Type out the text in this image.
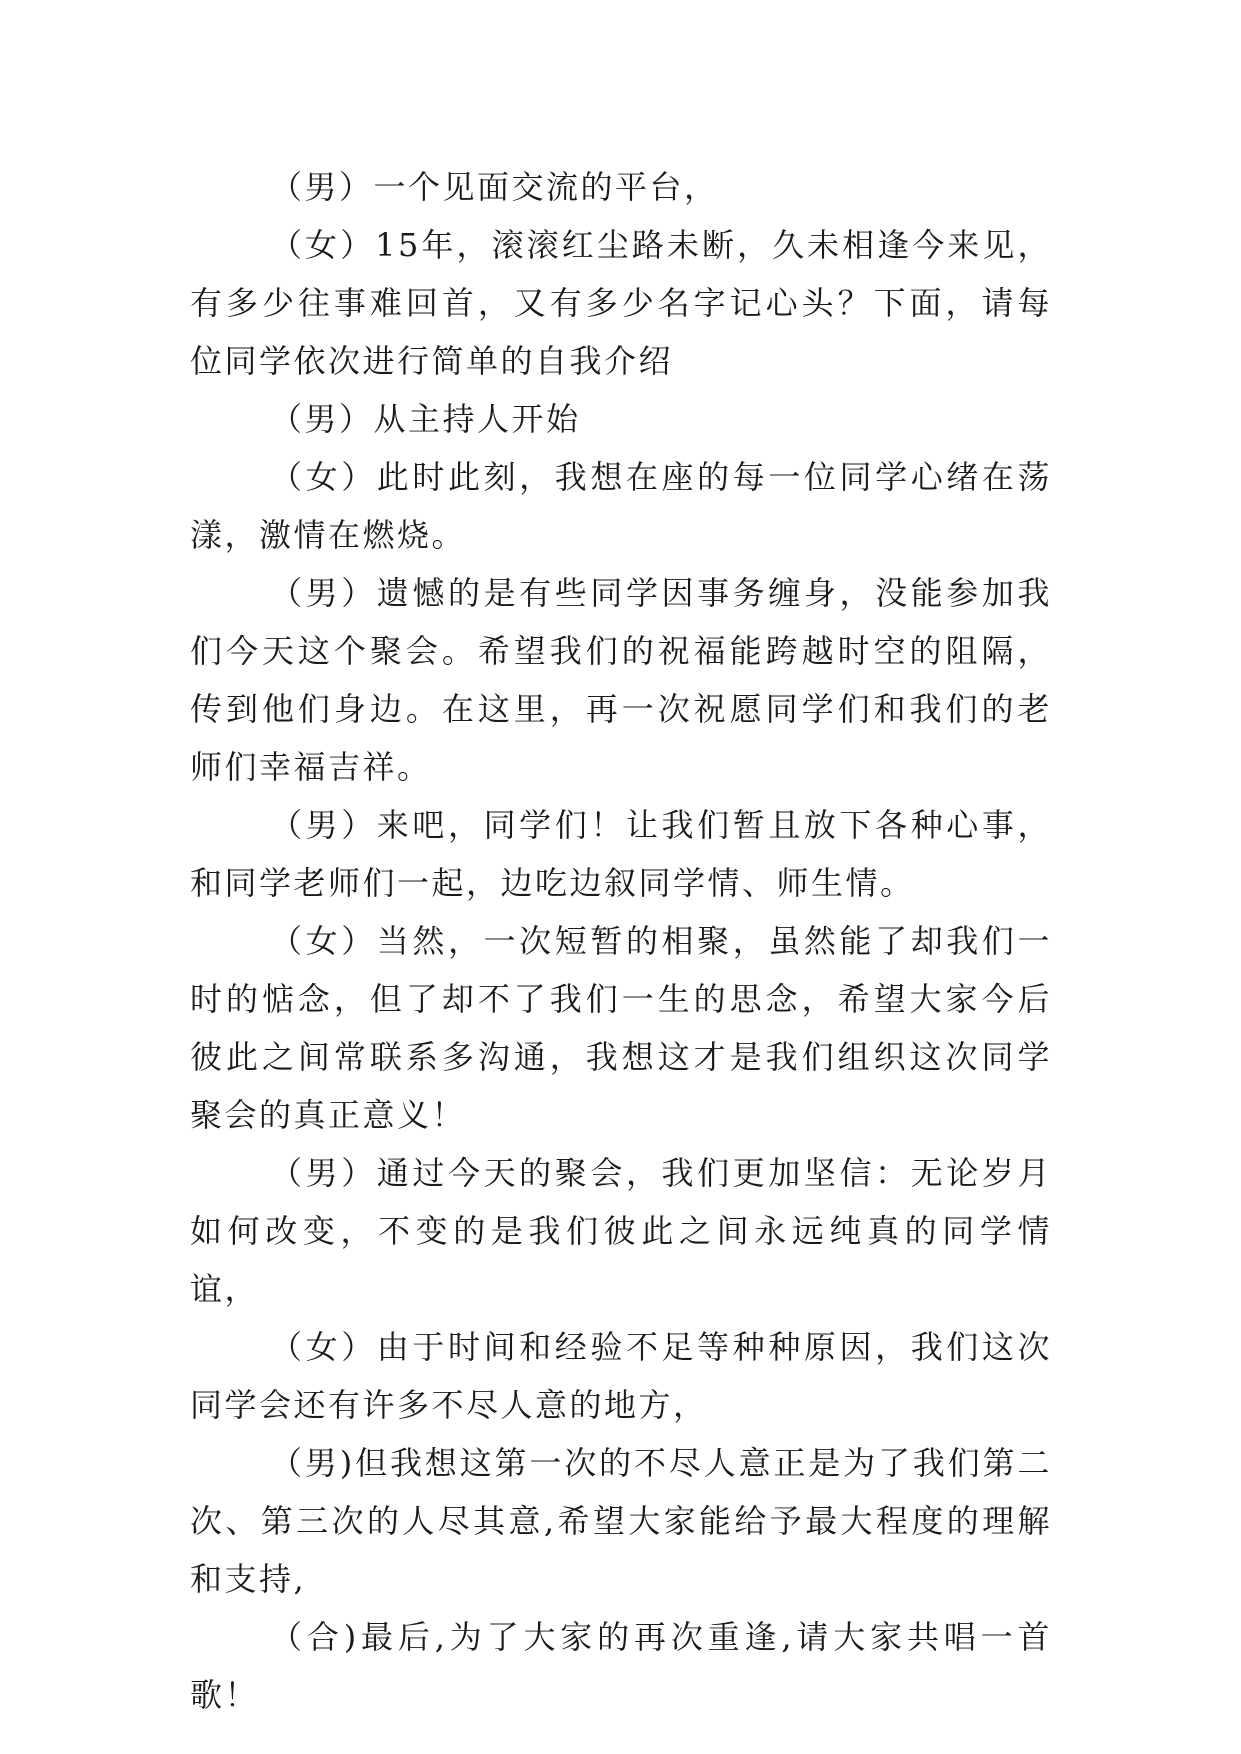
（男）一个见面交流的平台，

（女）15年，滚滚红尘路未断，久未相逢今来见，有多少往事难回首，又有多少名字记心头？下面，请每位同学依次进行简单的自我介绍

（男）从主持人开始

（女）此时此刻，我想在座的每一位同学心绪在荡漾，激情在燃烧。

（男）遗憾的是有些同学因事务缠身，没能参加我们今天这个聚会。希望我们的祝福能跨越时空的阻隔，传到他们身边。在这里，再一次祝愿同学们和我们的老师们幸福吉祥。

（男）来吧，同学们！让我们暂且放下各种心事，和同学老师们一起，边吃边叙同学情、师生情。

（女）当然，一次短暂的相聚，虽然能了却我们一时的惦念，但了却不了我们一生的思念，希望大家今后彼此之间常联系多沟通，我想这才是我们组织这次同学聚会的真正意义！

（男）通过今天的聚会，我们更加坚信：无论岁月如何改变，不变的是我们彼此之间永远纯真的同学情谊，

（女）由于时间和经验不足等种种原因，我们这次同学会还有许多不尽人意的地方，

（男)但我想这第一次的不尽人意正是为了我们第二次、第三次的人尽其意,希望大家能给予最大程度的理解和支持,

（合)最后,为了大家的再次重逢,请大家共唱一首歌！
